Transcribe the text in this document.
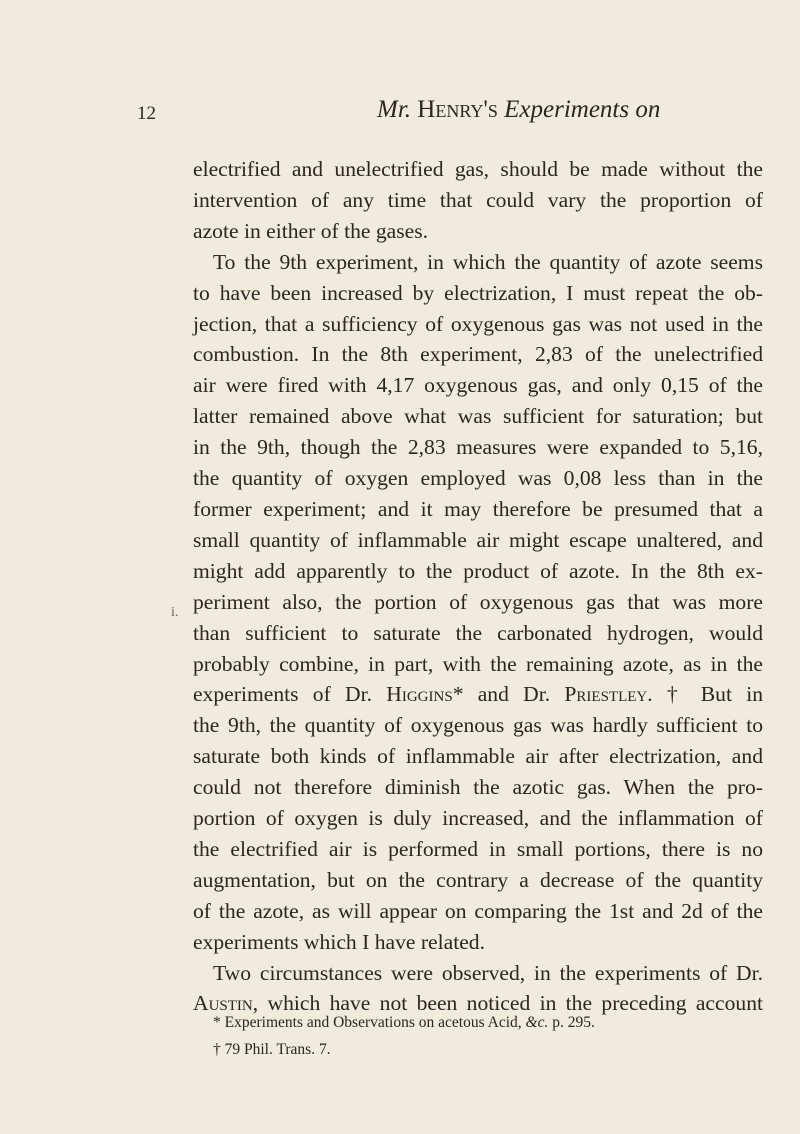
12	Mr. Henry's Experiments on
i.
electrified and unelectrified gas, should be made without the
intervention of any time that could vary the proportion of
azote in either of the gases.
To the 9th experiment, in which the quantity of azote seems
to have been increased by electrization, I must repeat the ob-
jection, that a sufficiency of oxygenous gas was not used in the
combustion. In the 8th experiment, 2,83 of the unelectrified
air were fired with 4,17 oxygenous gas, and only 0,15 of the
latter remained above what was sufficient for saturation; but
in the 9th, though the 2,83 measures were expanded to 5,16,
the quantity of oxygen employed was 0,08 less than in the
former experiment; and it may therefore be presumed that a
small quantity of inflammable air might escape unaltered, and
might add apparently to the product of azote. In the 8th ex-
periment also, the portion of oxygenous gas that was more
than sufficient to saturate the carbonated hydrogen, would
probably combine, in part, with the remaining azote, as in the
experiments of Dr. Higgins* and Dr. Priestley. † But in
the 9th, the quantity of oxygenous gas was hardly sufficient to
saturate both kinds of inflammable air after electrization, and
could not therefore diminish the azotic gas. When the pro-
portion of oxygen is duly increased, and the inflammation of
the electrified air is performed in small portions, there is no
augmentation, but on the contrary a decrease of the quantity
of the azote, as will appear on comparing the 1st and 2d of the
experiments which I have related.
Two circumstances were observed, in the experiments of Dr.
Austin, which have not been noticed in the preceding account
* Experiments and Observations on acetous Acid, &c. p. 295.
† 79 Phil. Trans. 7.
